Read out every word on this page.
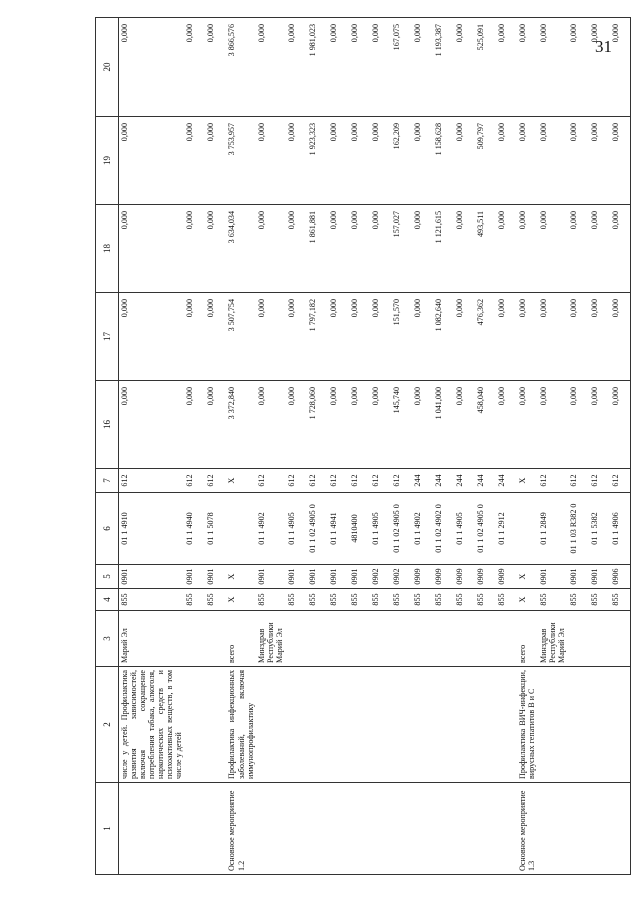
31
1	2	3	4	5	6	7	16	17	18	19	20
	числе у детей. Профилактика развития зависимостей, включая сокращение потребления табака, алкоголя, наркотических средств и психоактивных веществ, в том числе у детей	Марий Эл	855	0901	01 1 4910	612	0,000	0,000	0,000	0,000	0,000
			855	0901	01 1 4940	612	0,000	0,000	0,000	0,000	0,000
			855	0901	01 1 5078	612	0,000	0,000	0,000	0,000	0,000
Основное мероприятие 1.2	Профилактика инфекционных заболеваний, включая иммунопрофилактику	всего	Х	Х		Х	3 372,840	3 507,754	3 634,034	3 753,957	3 866,576
		Минздрав Республики Марий Эл	855	0901	01 1 4902	612	0,000	0,000	0,000	0,000	0,000
			855	0901	01 1 4905	612	0,000	0,000	0,000	0,000	0,000
			855	0901	01 1 02 4905 0	612	1 728,060	1 797,182	1 861,881	1 923,323	1 981,023
			855	0901	01 1 4941	612	0,000	0,000	0,000	0,000	0,000
			855	0901	4810400	612	0,000	0,000	0,000	0,000	0,000
			855	0902	01 1 4905	612	0,000	0,000	0,000	0,000	0,000
			855	0902	01 1 02 4905 0	612	145,740	151,570	157,027	162,209	167,075
			855	0909	01 1 4902	244	0,000	0,000	0,000	0,000	0,000
			855	0909	01 1 02 4902 0	244	1 041,000	1 082,640	1 121,615	1 158,628	1 193,387
			855	0909	01 1 4905	244	0,000	0,000	0,000	0,000	0,000
			855	0909	01 1 02 4905 0	244	458,040	476,362	493,511	509,797	525,091
			855	0909	01 1 2912	244	0,000	0,000	0,000	0,000	0,000
Основное мероприятие 1.3	Профилактика ВИЧ-инфекции, вирусных гепатитов В и С	всего	Х	Х		Х	0,000	0,000	0,000	0,000	0,000
		Минздрав Республики Марий Эл	855	0901	01 1 2849	612	0,000	0,000	0,000	0,000	0,000
			855	0901	01 1 03 R382 0	612	0,000	0,000	0,000	0,000	0,000
			855	0901	01 1 5382	612	0,000	0,000	0,000	0,000	0,000
			855	0906	01 1 4906	612	0,000	0,000	0,000	0,000	0,000
